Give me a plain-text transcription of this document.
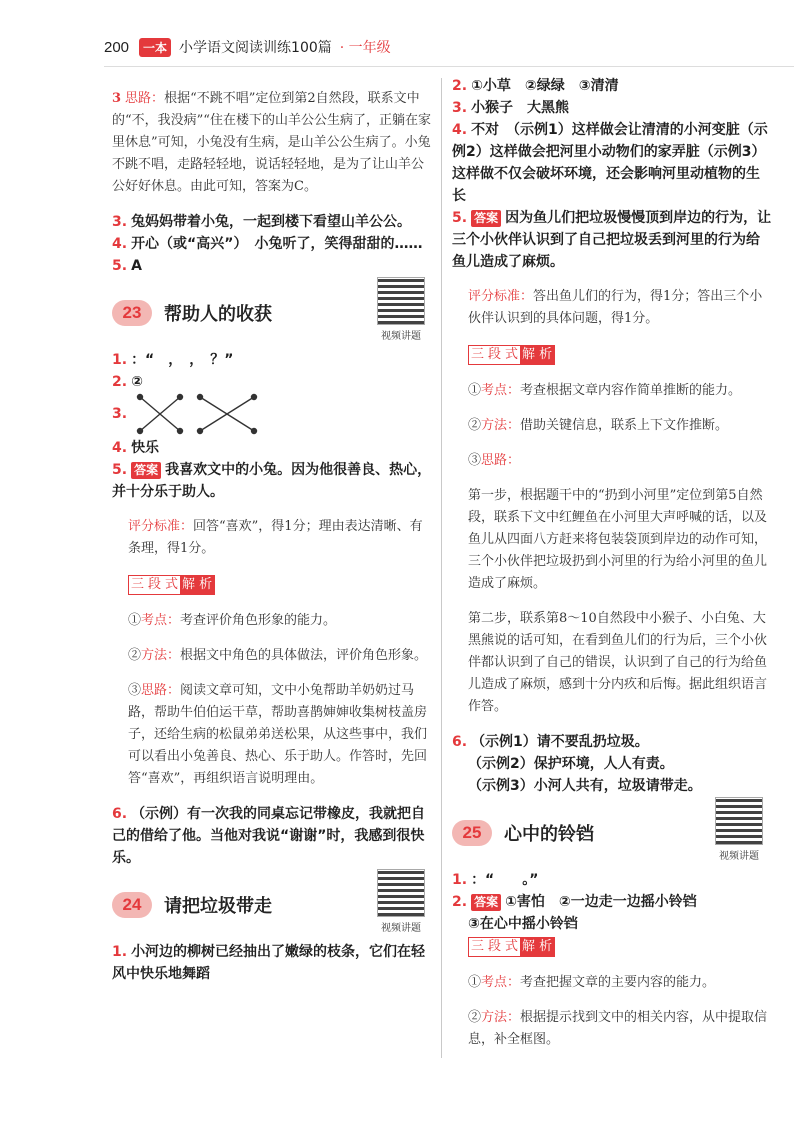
200	一本 小学语文阅读训练100篇 · 一年级

3 思路：根据“不跳不唱”定位到第2自然段，联系文中的“不，我没病”“住在楼下的山羊公公生病了，正躺在家里休息”可知，小兔没有生病，是山羊公公生病了。小兔不跳不唱，走路轻轻地，说话轻轻地，是为了让山羊公公好好休息。由此可知，答案为C。

3. 兔妈妈带着小兔，一起到楼下看望山羊公公。

4. 开心（或“高兴”）　小兔听了，笑得甜甜的……

5. A

23 帮助人的收获
视频讲题

1. ：“　，　，　？”

2. ②

3.

4. 快乐

5. 答案 我喜欢文中的小兔。因为他很善良、热心，并十分乐于助人。

评分标准：回答“喜欢”，得1分；理由表达清晰、有条理，得1分。

三 段 式 解 析

①考点：考查评价角色形象的能力。

②方法：根据文中角色的具体做法，评价角色形象。

③思路：阅读文章可知，文中小兔帮助羊奶奶过马路，帮助牛伯伯运干草，帮助喜鹊婶婶收集树枝盖房子，还给生病的松鼠弟弟送松果，从这些事中，我们可以看出小兔善良、热心、乐于助人。作答时，先回答“喜欢”，再组织语言说明理由。

6. （示例）有一次我的同桌忘记带橡皮，我就把自己的借给了他。当他对我说“谢谢”时，我感到很快乐。

24 请把垃圾带走
视频讲题

1. 小河边的柳树已经抽出了嫩绿的枝条，它们在轻风中快乐地舞蹈

2. ①小草　②绿绿　③清清

3. 小猴子　大黑熊

4. 不对　（示例1）这样做会让清清的小河变脏（示例2）这样做会把河里小动物们的家弄脏（示例3）这样做不仅会破坏环境，还会影响河里动植物的生长

5. 答案 因为鱼儿们把垃圾慢慢顶到岸边的行为，让三个小伙伴认识到了自己把垃圾丢到河里的行为给鱼儿造成了麻烦。

评分标准：答出鱼儿们的行为，得1分；答出三个小伙伴认识到的具体问题，得1分。

三 段 式 解 析

①考点：考查根据文章内容作简单推断的能力。

②方法：借助关键信息，联系上下文作推断。

③思路：

第一步，根据题干中的“扔到小河里”定位到第5自然段，联系下文中红鲤鱼在小河里大声呼喊的话，以及鱼儿从四面八方赶来将包装袋顶到岸边的动作可知，三个小伙伴把垃圾扔到小河里的行为给小河里的鱼儿造成了麻烦。

第二步，联系第8～10自然段中小猴子、小白兔、大黑熊说的话可知，在看到鱼儿们的行为后，三个小伙伴都认识到了自己的错误，认识到了自己的行为给鱼儿造成了麻烦，感到十分内疚和后悔。据此组织语言作答。

6. （示例1）请不要乱扔垃圾。

（示例2）保护环境，人人有责。

（示例3）小河人共有，垃圾请带走。

25 心中的铃铛
视频讲题

1. ：“　　。”

2. 答案 ①害怕　②一边走一边摇小铃铛

③在心中摇小铃铛

三 段 式 解 析

①考点：考查把握文章的主要内容的能力。

②方法：根据提示找到文中的相关内容，从中提取信息，补全框图。
